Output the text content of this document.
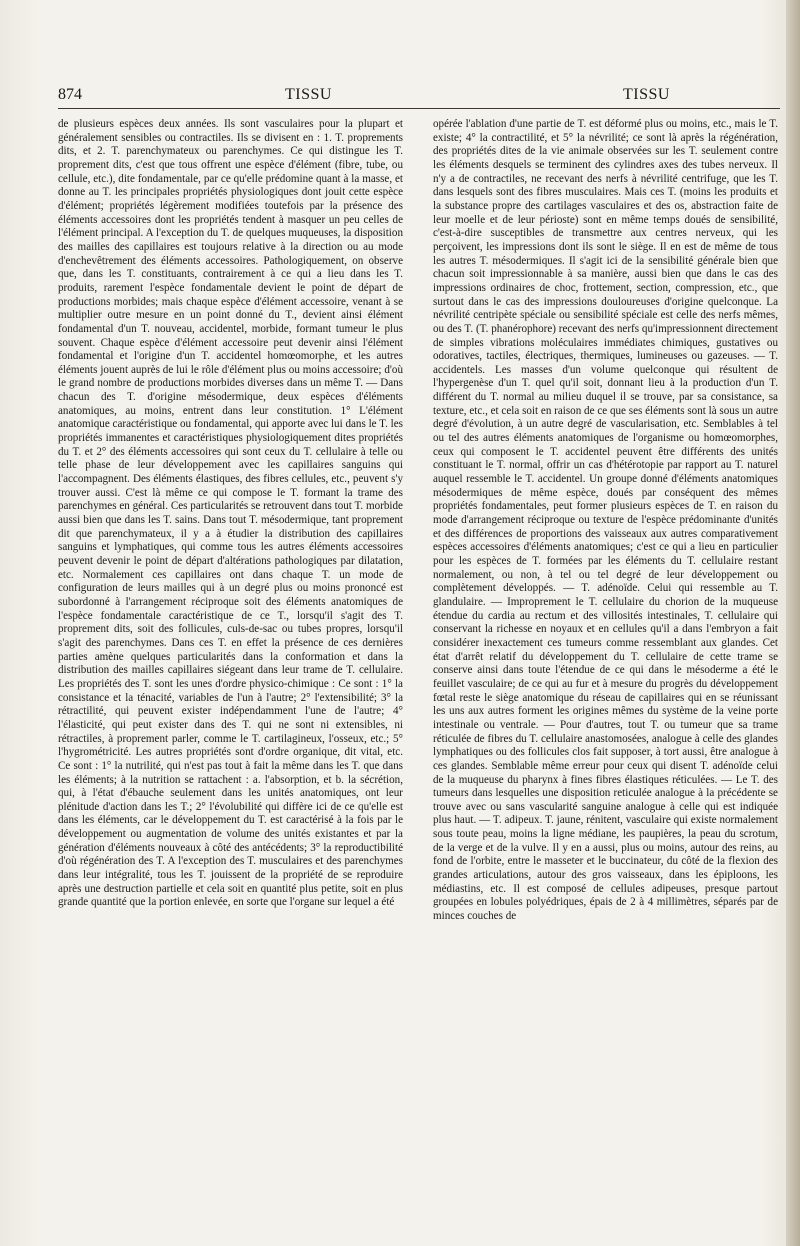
874	TISSU	TISSU

de plusieurs espèces deux années. Ils sont vasculaires pour la plupart et généralement sensibles ou contractiles. Ils se divisent en : 1. T. proprements dits, et 2. T. parenchymateux ou parenchymes. Ce qui distingue les T. proprement dits, c'est que tous offrent une espèce d'élément (fibre, tube, ou cellule, etc.), dite fondamentale, par ce qu'elle prédomine quant à la masse, et donne au T. les principales propriétés physiologiques dont jouit cette espèce d'élément; propriétés légèrement modifiées toutefois par la présence des éléments accessoires dont les propriétés tendent à masquer un peu celles de l'élément principal. A l'exception du T. de quelques muqueuses, la disposition des mailles des capillaires est toujours relative à la direction ou au mode d'enchevêtrement des éléments accessoires. Pathologiquement, on observe que, dans les T. constituants, contrairement à ce qui a lieu dans les T. produits, rarement l'espèce fondamentale devient le point de départ de productions morbides; mais chaque espèce d'élément accessoire, venant à se multiplier outre mesure en un point donné du T., devient ainsi élément fondamental d'un T. nouveau, accidentel, morbide, formant tumeur le plus souvent. Chaque espèce d'élément accessoire peut devenir ainsi l'élément fondamental et l'origine d'un T. accidentel homœomorphe, et les autres éléments jouent auprès de lui le rôle d'élément plus ou moins accessoire; d'où le grand nombre de productions morbides diverses dans un même T. — Dans chacun des T. d'origine mésodermique, deux espèces d'éléments anatomiques, au moins, entrent dans leur constitution. 1° L'élément anatomique caractéristique ou fondamental, qui apporte avec lui dans le T. les propriétés immanentes et caractéristiques physiologiquement dites propriétés du T. et 2° des éléments accessoires qui sont ceux du T. cellulaire à telle ou telle phase de leur développement avec les capillaires sanguins qui l'accompagnent. Des éléments élastiques, des fibres cellules, etc., peuvent s'y trouver aussi. C'est là même ce qui compose le T. formant la trame des parenchymes en général. Ces particularités se retrouvent dans tout T. morbide aussi bien que dans les T. sains. Dans tout T. mésodermique, tant proprement dit que parenchymateux, il y a à étudier la distribution des capillaires sanguins et lymphatiques, qui comme tous les autres éléments accessoires peuvent devenir le point de départ d'altérations pathologiques par dilatation, etc. Normalement ces capillaires ont dans chaque T. un mode de configuration de leurs mailles qui à un degré plus ou moins prononcé est subordonné à l'arrangement réciproque soit des éléments anatomiques de l'espèce fondamentale caractéristique de ce T., lorsqu'il s'agit des T. proprement dits, soit des follicules, culs-de-sac ou tubes propres, lorsqu'il s'agit des parenchymes. Dans ces T. en effet la présence de ces dernières parties amène quelques particularités dans la conformation et dans la distribution des mailles capillaires siégeant dans leur trame de T. cellulaire. Les propriétés des T. sont les unes d'ordre physico-chimique : Ce sont : 1° la consistance et la ténacité, variables de l'un à l'autre; 2° l'extensibilité; 3° la rétractilité, qui peuvent exister indépendamment l'une de l'autre; 4° l'élasticité, qui peut exister dans des T. qui ne sont ni extensibles, ni rétractiles, à proprement parler, comme le T. cartilagineux, l'osseux, etc.; 5° l'hygrométricité. Les autres propriétés sont d'ordre organique, dit vital, etc. Ce sont : 1° la nutrilité, qui n'est pas tout à fait la même dans les T. que dans les éléments; à la nutrition se rattachent : a. l'absorption, et b. la sécrétion, qui, à l'état d'ébauche seulement dans les unités anatomiques, ont leur plénitude d'action dans les T.; 2° l'évolubilité qui diffère ici de ce qu'elle est dans les éléments, car le développement du T. est caractérisé à la fois par le développement ou augmentation de volume des unités existantes et par la génération d'éléments nouveaux à côté des antécédents; 3° la reproductibilité d'où régénération des T. A l'exception des T. musculaires et des parenchymes dans leur intégralité, tous les T. jouissent de la propriété de se reproduire après une destruction partielle et cela soit en quantité plus petite, soit en plus grande quantité que la portion enlevée, en sorte que l'organe sur lequel a été

opérée l'ablation d'une partie de T. est déformé plus ou moins, etc., mais le T. existe; 4° la contractilité, et 5° la névrilité; ce sont là après la régénération, des propriétés dites de la vie animale observées sur les T. seulement contre les éléments desquels se terminent des cylindres axes des tubes nerveux. Il n'y a de contractiles, ne recevant des nerfs à névrilité centrifuge, que les T. dans lesquels sont des fibres musculaires. Mais ces T. (moins les produits et la substance propre des cartilages vasculaires et des os, abstraction faite de leur moelle et de leur périoste) sont en même temps doués de sensibilité, c'est-à-dire susceptibles de transmettre aux centres nerveux, qui les perçoivent, les impressions dont ils sont le siège. Il en est de même de tous les autres T. mésodermiques. Il s'agit ici de la sensibilité générale bien que chacun soit impressionnable à sa manière, aussi bien que dans le cas des impressions ordinaires de choc, frottement, section, compression, etc., que surtout dans le cas des impressions douloureuses d'origine quelconque. La névrilité centripète spéciale ou sensibilité spéciale est celle des nerfs mêmes, ou des T. (T. phanérophore) recevant des nerfs qu'impressionnent directement de simples vibrations moléculaires immédiates chimiques, gustatives ou odoratives, tactiles, électriques, thermiques, lumineuses ou gazeuses. — T. accidentels. Les masses d'un volume quelconque qui résultent de l'hypergenèse d'un T. quel qu'il soit, donnant lieu à la production d'un T. différent du T. normal au milieu duquel il se trouve, par sa consistance, sa texture, etc., et cela soit en raison de ce que ses éléments sont là sous un autre degré d'évolution, à un autre degré de vascularisation, etc. Semblables à tel ou tel des autres éléments anatomiques de l'organisme ou homœomorphes, ceux qui composent le T. accidentel peuvent être différents des unités constituant le T. normal, offrir un cas d'hétérotopie par rapport au T. naturel auquel ressemble le T. accidentel. Un groupe donné d'éléments anatomiques mésodermiques de même espèce, doués par conséquent des mêmes propriétés fondamentales, peut former plusieurs espèces de T. en raison du mode d'arrangement réciproque ou texture de l'espèce prédominante d'unités et des différences de proportions des vaisseaux aux autres comparativement espèces accessoires d'éléments anatomiques; c'est ce qui a lieu en particulier pour les espèces de T. formées par les éléments du T. cellulaire restant normalement, ou non, à tel ou tel degré de leur développement ou complètement développés. — T. adénoïde. Celui qui ressemble au T. glandulaire. — Improprement le T. cellulaire du chorion de la muqueuse étendue du cardia au rectum et des villosités intestinales, T. cellulaire qui conservant la richesse en noyaux et en cellules qu'il a dans l'embryon a fait considérer inexactement ces tumeurs comme ressemblant aux glandes. Cet état d'arrêt relatif du développement du T. cellulaire de cette trame se conserve ainsi dans toute l'étendue de ce qui dans le mésoderme a été le feuillet vasculaire; de ce qui au fur et à mesure du progrès du développement fœtal reste le siège anatomique du réseau de capillaires qui en se réunissant les uns aux autres forment les origines mêmes du système de la veine porte intestinale ou ventrale. — Pour d'autres, tout T. ou tumeur que sa trame réticulée de fibres du T. cellulaire anastomosées, analogue à celle des glandes lymphatiques ou des follicules clos fait supposer, à tort aussi, être analogue à ces glandes. Semblable même erreur pour ceux qui disent T. adénoïde celui de la muqueuse du pharynx à fines fibres élastiques réticulées. — Le T. des tumeurs dans lesquelles une disposition reticulée analogue à la précédente se trouve avec ou sans vascularité sanguine analogue à celle qui est indiquée plus haut. — T. adipeux. T. jaune, rénitent, vasculaire qui existe normalement sous toute peau, moins la ligne médiane, les paupières, la peau du scrotum, de la verge et de la vulve. Il y en a aussi, plus ou moins, autour des reins, au fond de l'orbite, entre le masseter et le buccinateur, du côté de la flexion des grandes articulations, autour des gros vaisseaux, dans les épiploons, les médiastins, etc. Il est composé de cellules adipeuses, presque partout groupées en lobules polyédriques, épais de 2 à 4 millimètres, séparés par de minces couches de
